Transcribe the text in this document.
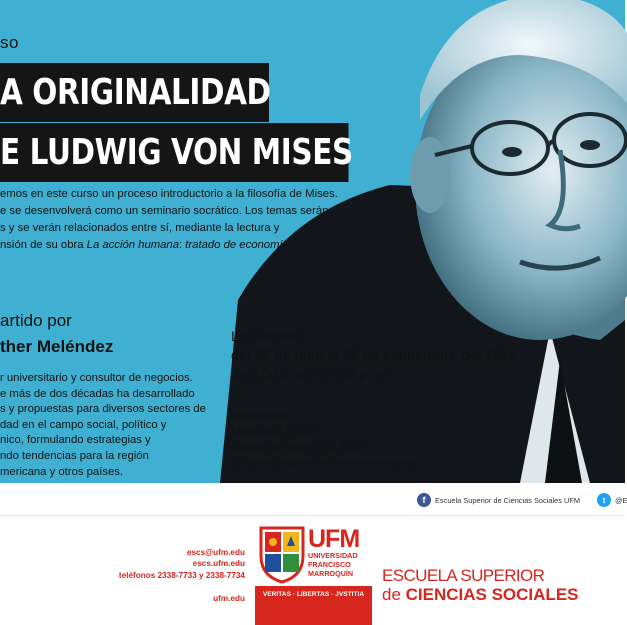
so
A ORIGINALIDAD
E LUDWIG VON MISES

emos en este curso un proceso introductorio a la filosofía de Mises.

e se desenvolverá como un seminario socrático. Los temas serán

s y se verán relacionados entre sí, mediante la lectura y

nsión de su obra La acción humana: tratado de economía.

artido por
ther Meléndez

r universitario y consultor de negocios.

e más de dos décadas ha desarrollado

s y propuestas para diversos sectores de

dad en el campo social, político y

nico, formulando estrategias y

ndo tendencias para la región

mericana y otros países.

Los viernes
del 25 de julio al 26 de septiembre del 2014
de 5:00 p. m. a 7:30 p. m.
Inversión
Matrícula Q650
Costo del curso Q1,950
(Se puede pagar en tres cuotas mensuales).
f	Escuela Superior de Ciencias Sociales UFM	t	@E
escs@ufm.edu
escs.ufm.edu
teléfonos 2338-7733 y 2338-7734
ufm.edu
UFM
UNIVERSIDAD
FRANCISCO
MARROQUÍN
VERITAS · LIBERTAS · JVSTITIA
ESCUELA SUPERIOR
de CIENCIAS SOCIALES
